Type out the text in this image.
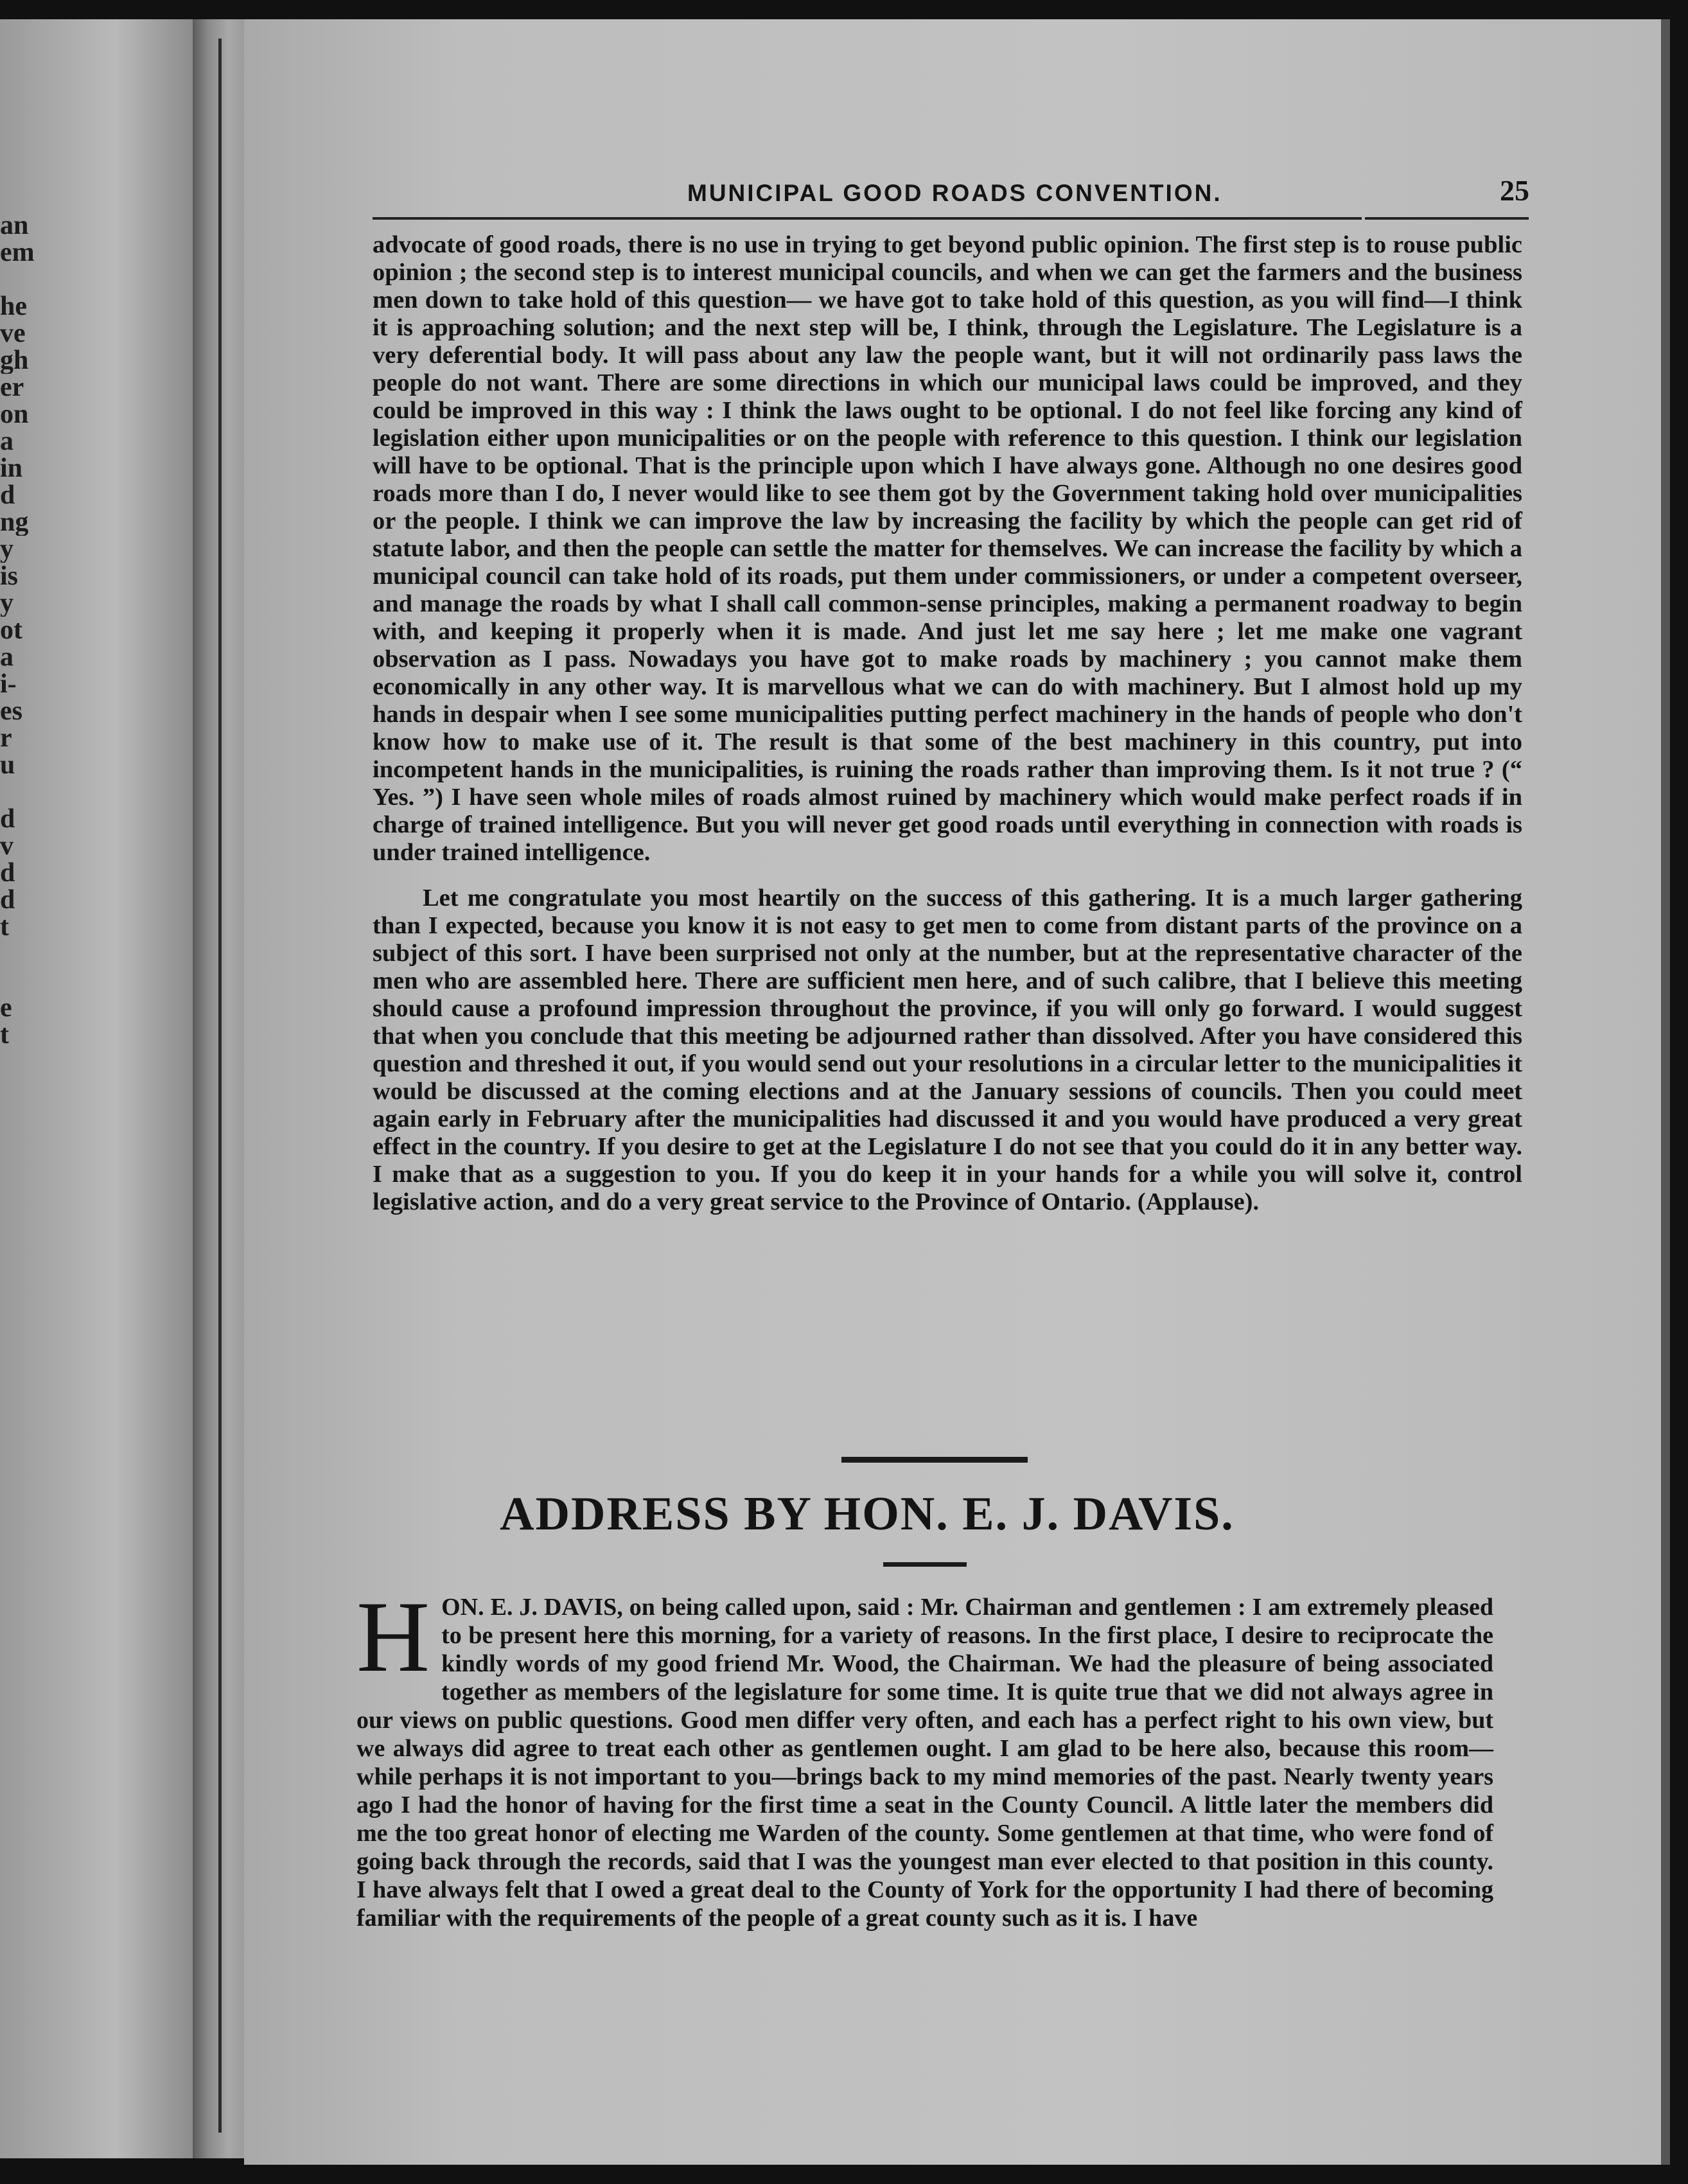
an
em
he
ve
gh
er
on
a
in
d
ng
y
is
y
ot
a
i-
es
r
u
d
v
d
d
t
e
t
MUNICIPAL GOOD ROADS CONVENTION.	25

advocate of good roads, there is no use in trying to get beyond public opinion. The first step is to rouse public opinion ; the second step is to interest municipal councils, and when we can get the farmers and the business men down to take hold of this question— we have got to take hold of this question, as you will find—I think it is approaching solution; and the next step will be, I think, through the Legislature. The Legislature is a very deferential body. It will pass about any law the people want, but it will not ordinarily pass laws the people do not want. There are some directions in which our municipal laws could be improved, and they could be improved in this way : I think the laws ought to be optional. I do not feel like forcing any kind of legislation either upon municipalities or on the people with reference to this question. I think our legislation will have to be optional. That is the principle upon which I have always gone. Although no one desires good roads more than I do, I never would like to see them got by the Government taking hold over municipalities or the people. I think we can improve the law by increasing the facility by which the people can get rid of statute labor, and then the people can settle the matter for themselves. We can increase the facility by which a municipal council can take hold of its roads, put them under commissioners, or under a competent overseer, and manage the roads by what I shall call common-sense principles, making a permanent roadway to begin with, and keeping it properly when it is made. And just let me say here ; let me make one vagrant observation as I pass. Nowadays you have got to make roads by machinery ; you cannot make them economically in any other way. It is marvellous what we can do with machinery. But I almost hold up my hands in despair when I see some municipalities putting perfect machinery in the hands of people who don't know how to make use of it. The result is that some of the best machinery in this country, put into incompetent hands in the municipalities, is ruining the roads rather than improving them. Is it not true ? (“ Yes. ”) I have seen whole miles of roads almost ruined by machinery which would make perfect roads if in charge of trained intelligence. But you will never get good roads until everything in connection with roads is under trained intelligence.

Let me congratulate you most heartily on the success of this gathering. It is a much larger gathering than I expected, because you know it is not easy to get men to come from distant parts of the province on a subject of this sort. I have been surprised not only at the number, but at the representative character of the men who are assembled here. There are sufficient men here, and of such calibre, that I believe this meeting should cause a profound impression throughout the province, if you will only go forward. I would suggest that when you conclude that this meeting be adjourned rather than dissolved. After you have considered this question and threshed it out, if you would send out your resolutions in a circular letter to the municipalities it would be discussed at the coming elections and at the January sessions of councils. Then you could meet again early in February after the municipalities had discussed it and you would have produced a very great effect in the country. If you desire to get at the Legislature I do not see that you could do it in any better way. I make that as a suggestion to you. If you do keep it in your hands for a while you will solve it, control legislative action, and do a very great service to the Province of Ontario. (Applause).

ADDRESS BY HON. E. J. DAVIS.
H ON. E. J. DAVIS, on being called upon, said : Mr. Chairman and gentlemen : I am extremely pleased to be present here this morning, for a variety of reasons. In the first place, I desire to reciprocate the kindly words of my good friend Mr. Wood, the Chairman. We had the pleasure of being associated together as members of the legislature for some time. It is quite true that we did not always agree in our views on public questions. Good men differ very often, and each has a perfect right to his own view, but we always did agree to treat each other as gentlemen ought. I am glad to be here also, because this room—while perhaps it is not important to you—brings back to my mind memories of the past. Nearly twenty years ago I had the honor of having for the first time a seat in the County Council. A little later the members did me the too great honor of electing me Warden of the county. Some gentlemen at that time, who were fond of going back through the records, said that I was the youngest man ever elected to that position in this county. I have always felt that I owed a great deal to the County of York for the opportunity I had there of becoming familiar with the requirements of the people of a great county such as it is. I have
